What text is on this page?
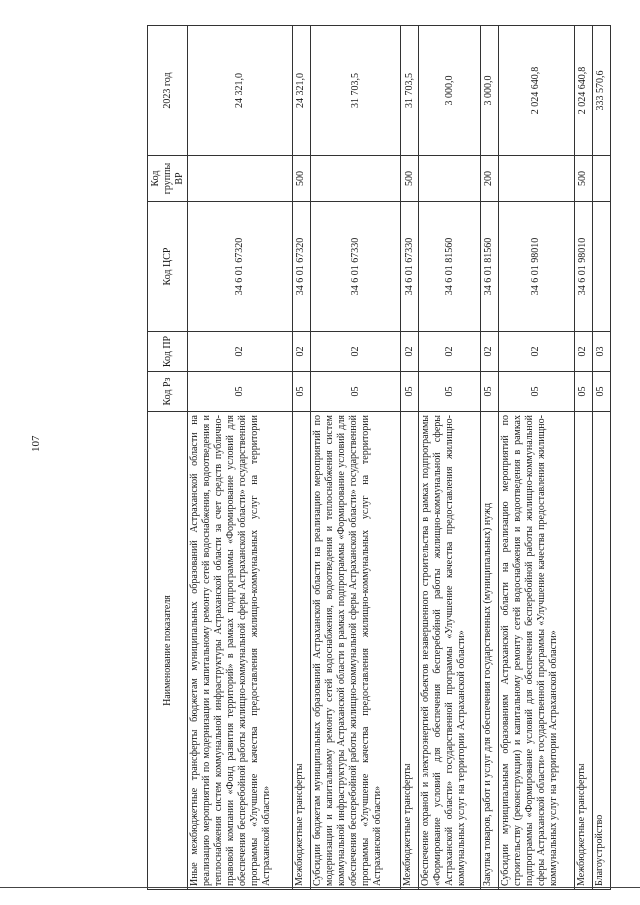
107
Наименование показателя	Код Рз	Код ПР	Код ЦСР	Код группы ВР	2023 год
Иные межбюджетные трансферты бюджетам муниципальных образований Астраханской области на реализацию мероприятий по модернизации и капитальному ремонту сетей водоснабжения, водоотведения и теплоснабжения систем коммунальной инфраструктуры Астраханской области за счет средств публично-правовой компании «Фонд развития территорий» в рамках подпрограммы «Формирование условий для обеспечения бесперебойной работы жилищно-коммунальной сферы Астраханской области» государственной программы «Улучшение качества предоставления жилищно-коммунальных услуг на территории Астраханской области»	05	02	34 6 01 67320		24 321,0
Межбюджетные трансферты	05	02	34 6 01 67320	500	24 321,0
Субсидии бюджетам муниципальных образований Астраханской области на реализацию мероприятий по модернизации и капитальному ремонту сетей водоснабжения, водоотведения и теплоснабжения систем коммунальной инфраструктуры Астраханской области в рамках подпрограммы «Формирование условий для обеспечения бесперебойной работы жилищно-коммунальной сферы Астраханской области» государственной программы «Улучшение качества предоставления жилищно-коммунальных услуг на территории Астраханской области»	05	02	34 6 01 67330		31 703,5
Межбюджетные трансферты	05	02	34 6 01 67330	500	31 703,5
Обеспечение охраной и электроэнергией объектов незавершенного строительства в рамках подпрограммы «Формирование условий для обеспечения бесперебойной работы жилищно-коммунальной сферы Астраханской области» государственной программы «Улучшение качества предоставления жилищно-коммунальных услуг на территории Астраханской области»	05	02	34 6 01 81560		3 000,0
Закупка товаров, работ и услуг для обеспечения государственных (муниципальных) нужд	05	02	34 6 01 81560	200	3 000,0
Субсидии муниципальным образованиям Астраханской области на реализацию мероприятий по строительству (реконструкции) и капитальному ремонту сетей водоснабжения и водоотведения в рамках подпрограммы «Формирование условий для обеспечения бесперебойной работы жилищно-коммунальной сферы Астраханской области» государственной программы «Улучшение качества предоставления жилищно-коммунальных услуг на территории Астраханской области»	05	02	34 6 01 98010		2 024 640,8
Межбюджетные трансферты	05	02	34 6 01 98010	500	2 024 640,8
Благоустройство	05	03			333 570,6
